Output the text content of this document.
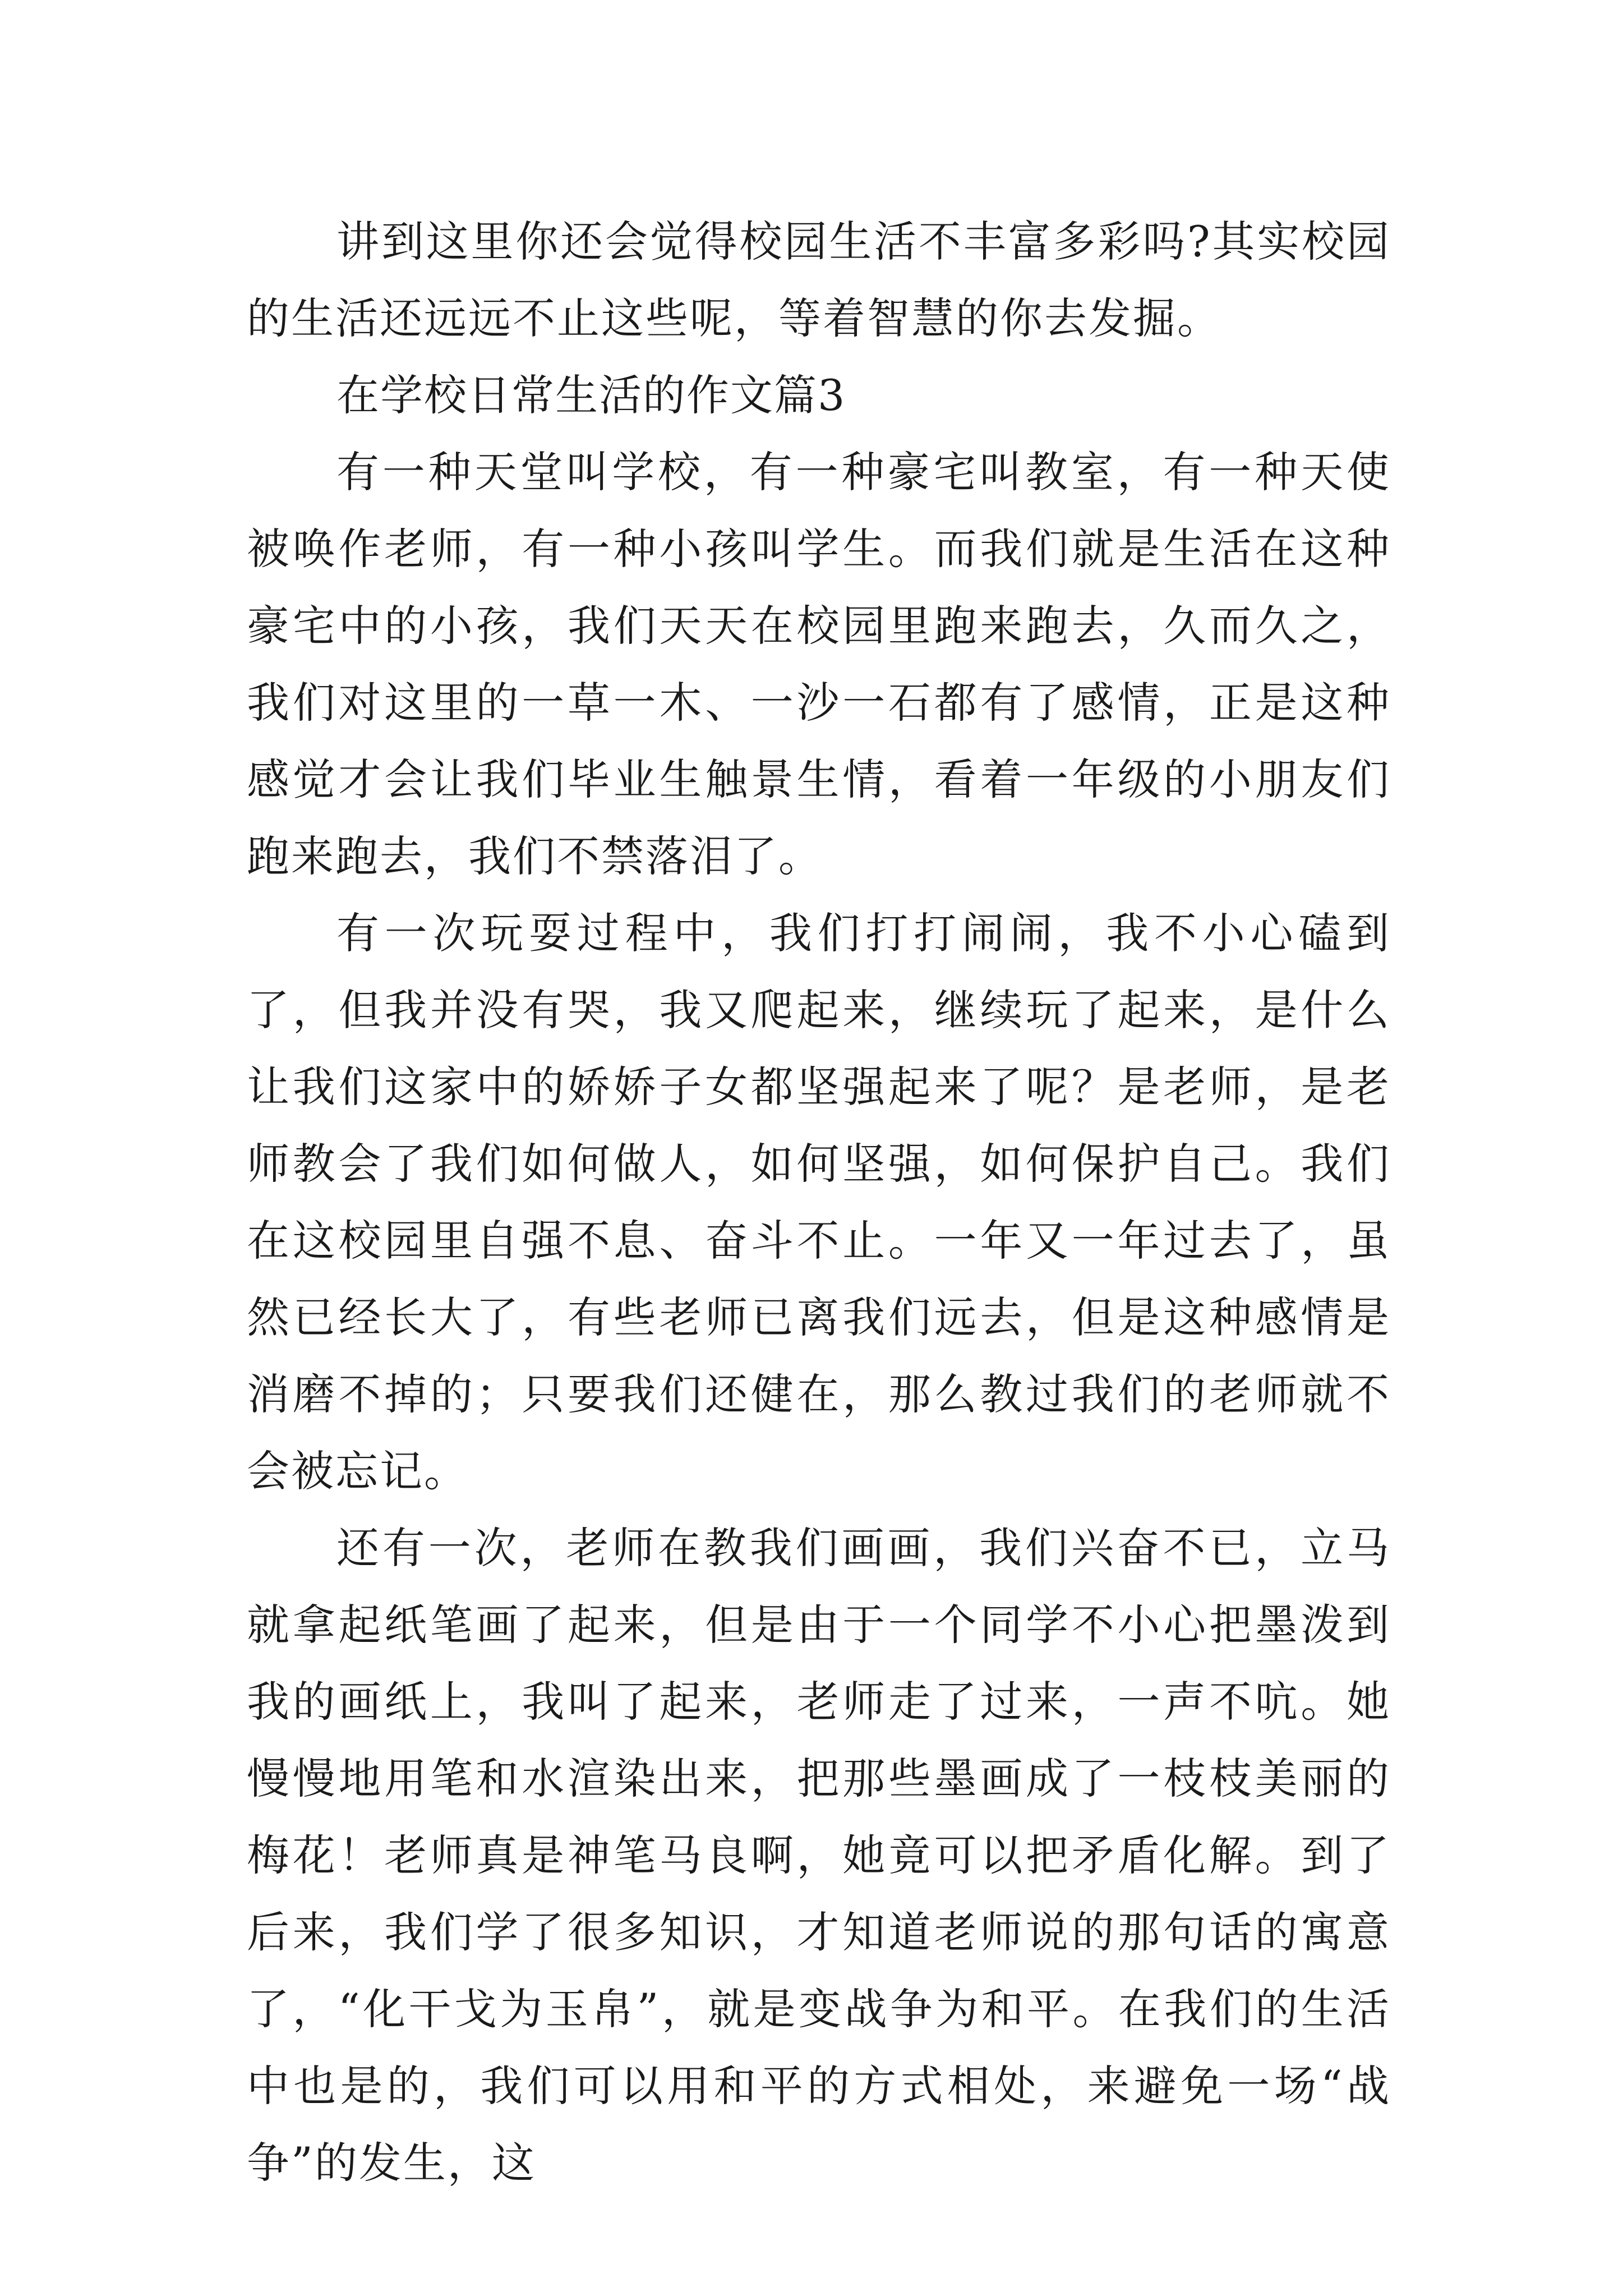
讲到这里你还会觉得校园生活不丰富多彩吗?其实校园的生活还远远不止这些呢，等着智慧的你去发掘。

在学校日常生活的作文篇3

有一种天堂叫学校，有一种豪宅叫教室，有一种天使被唤作老师，有一种小孩叫学生。而我们就是生活在这种豪宅中的小孩，我们天天在校园里跑来跑去，久而久之，我们对这里的一草一木、一沙一石都有了感情，正是这种感觉才会让我们毕业生触景生情，看着一年级的小朋友们跑来跑去，我们不禁落泪了。

有一次玩耍过程中，我们打打闹闹，我不小心磕到了，但我并没有哭，我又爬起来，继续玩了起来，是什么让我们这家中的娇娇子女都坚强起来了呢？是老师，是老师教会了我们如何做人，如何坚强，如何保护自己。我们在这校园里自强不息、奋斗不止。一年又一年过去了，虽然已经长大了，有些老师已离我们远去，但是这种感情是消磨不掉的；只要我们还健在，那么教过我们的老师就不会被忘记。

还有一次，老师在教我们画画，我们兴奋不已，立马就拿起纸笔画了起来，但是由于一个同学不小心把墨泼到我的画纸上，我叫了起来，老师走了过来，一声不吭。她慢慢地用笔和水渲染出来，把那些墨画成了一枝枝美丽的梅花！老师真是神笔马良啊，她竟可以把矛盾化解。到了后来，我们学了很多知识，才知道老师说的那句话的寓意了，“化干戈为玉帛”，就是变战争为和平。在我们的生活中也是的，我们可以用和平的方式相处，来避免一场“战争”的发生，这
